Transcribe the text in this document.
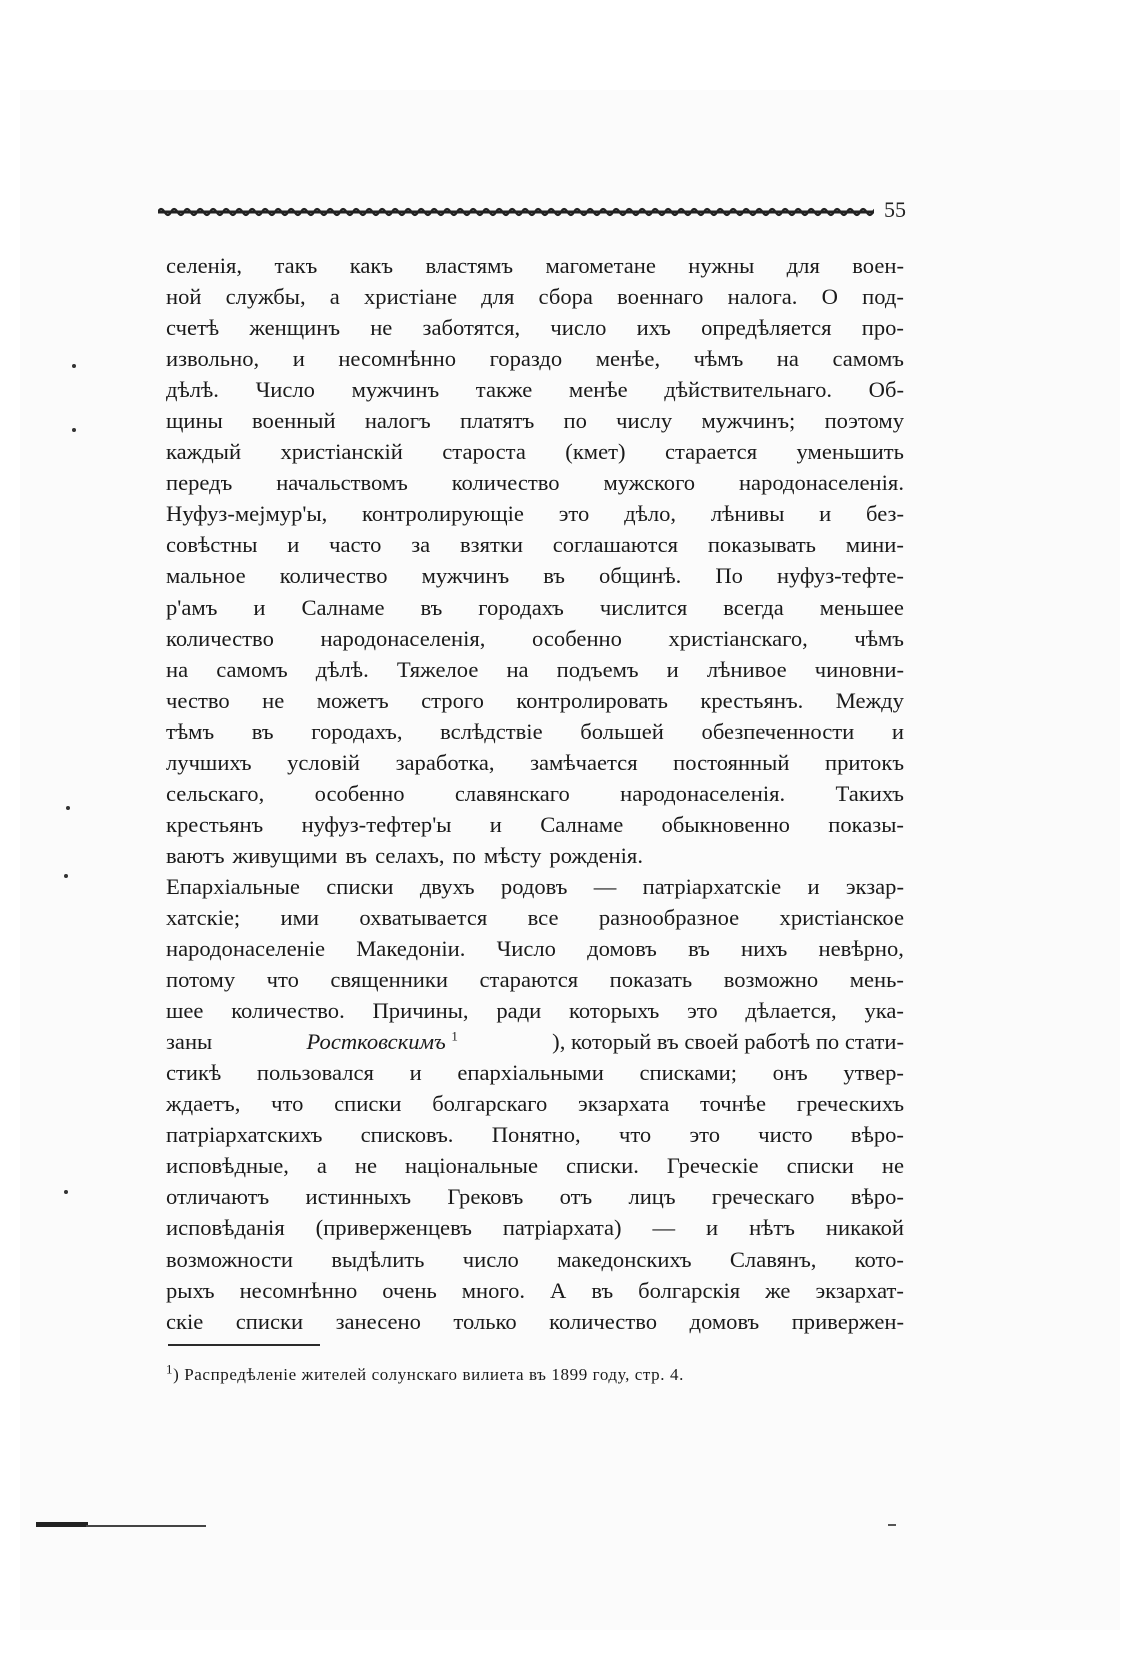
55
селенія, такъ какъ властямъ магометане нужны для воен-
ной службы, а христіане для сбора военнаго налога. О под-
счетѣ женщинъ не заботятся, число ихъ опредѣляется про-
извольно, и несомнѣнно гораздо менѣе, чѣмъ на самомъ
дѣлѣ. Число мужчинъ также менѣе дѣйствительнаго. Об-
щины военный налогъ платятъ по числу мужчинъ; поэтому
каждый христіанскій староста (кмет) старается уменьшить
передъ начальствомъ количество мужского народонаселенія.
Нуфуз-мејмур'ы, контролирующіе это дѣло, лѣнивы и без-
совѣстны и часто за взятки соглашаются показывать мини-
мальное количество мужчинъ въ общинѣ. По нуфуз-тефте-
р'амъ и Салнаме въ городахъ числится всегда меньшее
количество народонаселенія, особенно христіанскаго, чѣмъ
на самомъ дѣлѣ. Тяжелое на подъемъ и лѣнивое чиновни-
чество не можетъ строго контролировать крестьянъ. Между
тѣмъ въ городахъ, вслѣдствіе большей обезпеченности и
лучшихъ условій заработка, замѣчается постоянный притокъ
сельскаго, особенно славянскаго народонаселенія. Такихъ
крестьянъ нуфуз-тефтер'ы и Салнаме обыкновенно показы-
ваютъ живущими въ селахъ, по мѣсту рожденія.
Епархіальные списки двухъ родовъ — патріархатскіе и экзар-
хатскіе; ими охватывается все разнообразное христіанское
народонаселеніе Македоніи. Число домовъ въ нихъ невѣрно,
потому что священники стараются показать возможно мень-
шее количество. Причины, ради которыхъ это дѣлается, ука-
заны	Ростковскимъ $^1$	), который въ своей работѣ по стати-
стикѣ пользовался и епархіальными списками; онъ утвер-
ждаетъ, что списки болгарскаго экзархата точнѣе греческихъ
патріархатскихъ списковъ. Понятно, что это чисто вѣро-
исповѣдные, а не національные списки. Греческіе списки не
отличаютъ истинныхъ Грековъ отъ лицъ греческаго вѣро-
исповѣданія (приверженцевъ патріархата) — и нѣтъ никакой
возможности выдѣлить число македонскихъ Славянъ, кото-
рыхъ несомнѣнно очень много. А въ болгарскія же экзархат-
скіе списки занесено только количество домовъ привержен-
$^1$) Распредѣленіе жителей солунскаго вилиета въ 1899 году, стр. 4.
